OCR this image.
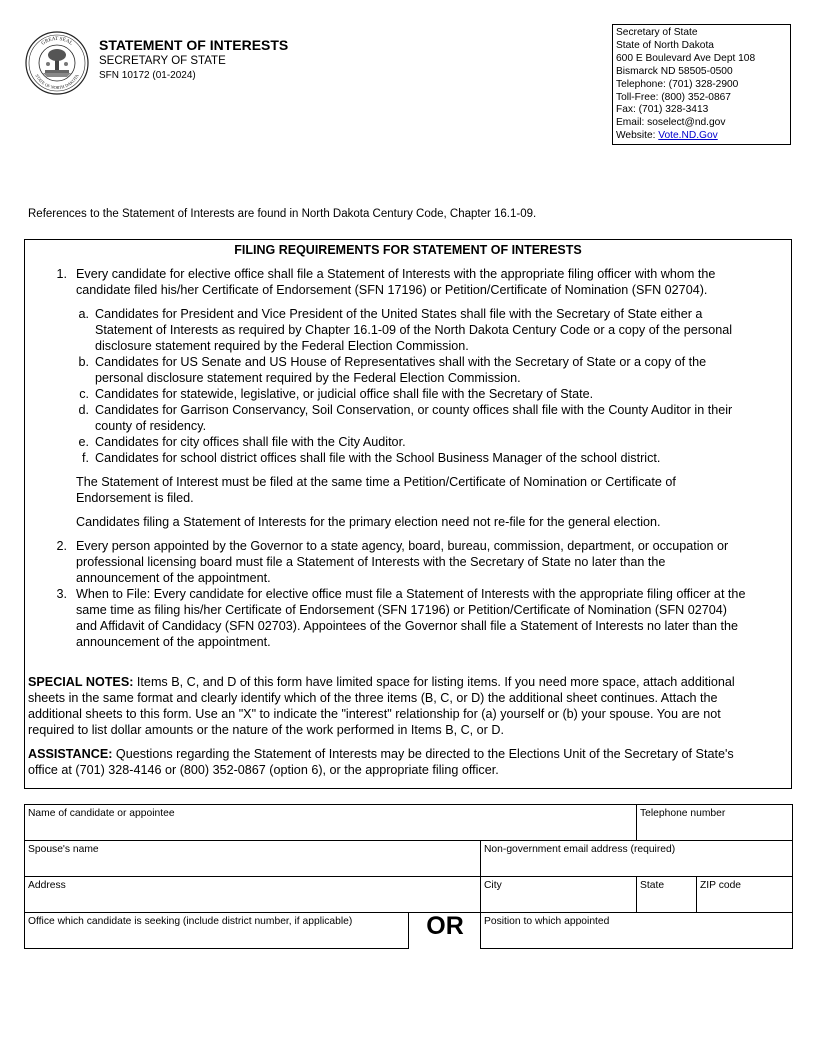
GREAT SEAL
STATE OF NORTH DAKOTA
STATEMENT OF INTERESTS
SECRETARY OF STATE
SFN 10172 (01-2024)
Secretary of State
State of North Dakota
600 E Boulevard Ave Dept 108
Bismarck ND 58505-0500
Telephone: (701) 328-2900
Toll-Free: (800) 352-0867
Fax: (701) 328-3413
Email: soselect@nd.gov
Website: Vote.ND.Gov
References to the Statement of Interests are found in North Dakota Century Code, Chapter 16.1-09.
FILING REQUIREMENTS FOR STATEMENT OF INTERESTS
1. Every candidate for elective office shall file a Statement of Interests with the appropriate filing officer with whom the
candidate filed his/her Certificate of Endorsement (SFN 17196) or Petition/Certificate of Nomination (SFN 02704).
a. Candidates for President and Vice President of the United States shall file with the Secretary of State either a
Statement of Interests as required by Chapter 16.1-09 of the North Dakota Century Code or a copy of the personal
disclosure statement required by the Federal Election Commission.
b. Candidates for US Senate and US House of Representatives shall with the Secretary of State or a copy of the
personal disclosure statement required by the Federal Election Commission.
c. Candidates for statewide, legislative, or judicial office shall file with the Secretary of State.
d. Candidates for Garrison Conservancy, Soil Conservation, or county offices shall file with the County Auditor in their
county of residency.
e. Candidates for city offices shall file with the City Auditor.
f. Candidates for school district offices shall file with the School Business Manager of the school district.
The Statement of Interest must be filed at the same time a Petition/Certificate of Nomination or Certificate of
Endorsement is filed.
Candidates filing a Statement of Interests for the primary election need not re-file for the general election.
2. Every person appointed by the Governor to a state agency, board, bureau, commission, department, or occupation or
professional licensing board must file a Statement of Interests with the Secretary of State no later than the
announcement of the appointment.
3. When to File: Every candidate for elective office must file a Statement of Interests with the appropriate filing officer at the
same time as filing his/her Certificate of Endorsement (SFN 17196) or Petition/Certificate of Nomination (SFN 02704)
and Affidavit of Candidacy (SFN 02703). Appointees of the Governor shall file a Statement of Interests no later than the
announcement of the appointment.
SPECIAL NOTES: Items B, C, and D of this form have limited space for listing items. If you need more space, attach additional
sheets in the same format and clearly identify which of the three items (B, C, or D) the additional sheet continues. Attach the
additional sheets to this form. Use an "X" to indicate the "interest" relationship for (a) yourself or (b) your spouse. You are not
required to list dollar amounts or the nature of the work performed in Items B, C, or D.
ASSISTANCE: Questions regarding the Statement of Interests may be directed to the Elections Unit of the Secretary of State's
office at (701) 328-4146 or (800) 352-0867 (option 6), or the appropriate filing officer.
Name of candidate or appointee	Telephone number
Spouse's name	Non-government email address (required)
Address	City	State	ZIP code
Office which candidate is seeking (include district number, if applicable)	OR	Position to which appointed
